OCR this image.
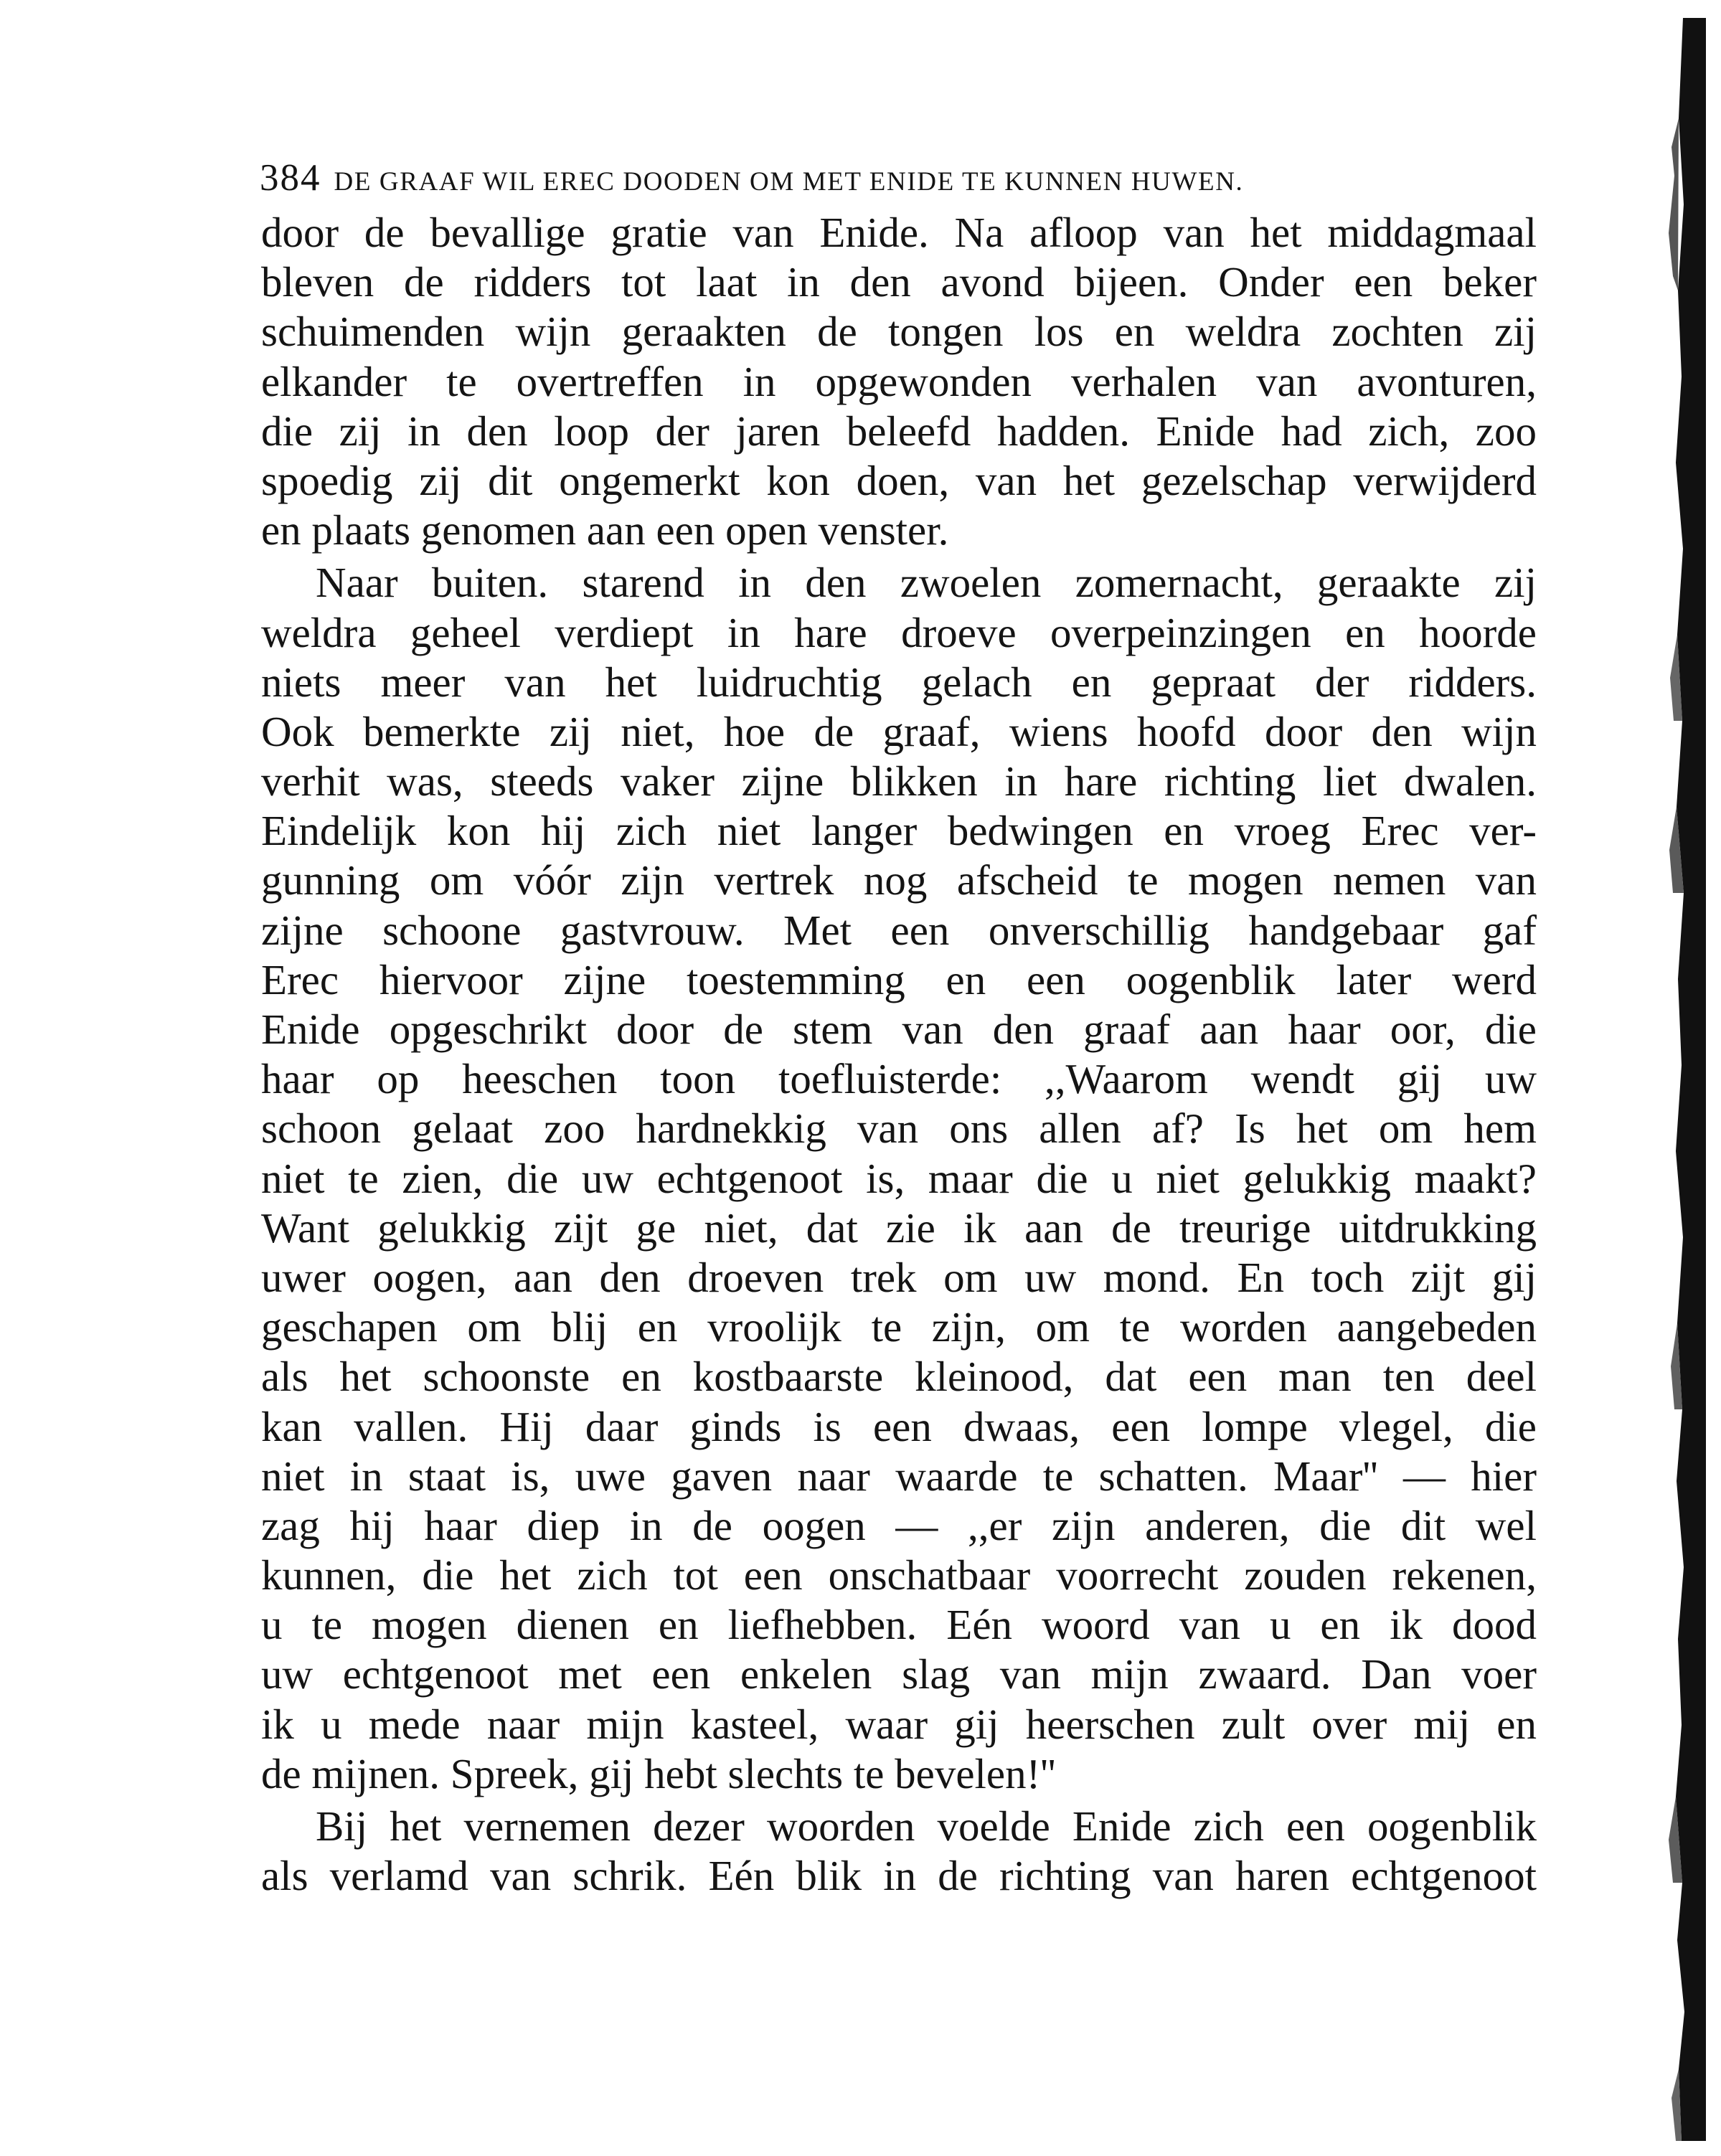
384 DE GRAAF WIL EREC DOODEN OM MET ENIDE TE KUNNEN HUWEN.
door de bevallige gratie van Enide. Na afloop van het middagmaal
bleven de ridders tot laat in den avond bijeen. Onder een beker
schuimenden wijn geraakten de tongen los en weldra zochten zij
elkander te overtreffen in opgewonden verhalen van avonturen,
die zij in den loop der jaren beleefd hadden. Enide had zich, zoo
spoedig zij dit ongemerkt kon doen, van het gezelschap verwijderd
en plaats genomen aan een open venster.
Naar buiten. starend in den zwoelen zomernacht, geraakte zij
weldra geheel verdiept in hare droeve overpeinzingen en hoorde
niets meer van het luidruchtig gelach en gepraat der ridders.
Ook bemerkte zij niet, hoe de graaf, wiens hoofd door den wijn
verhit was, steeds vaker zijne blikken in hare richting liet dwalen.
Eindelijk kon hij zich niet langer bedwingen en vroeg Erec ver-
gunning om vóór zijn vertrek nog afscheid te mogen nemen van
zijne schoone gastvrouw. Met een onverschillig handgebaar gaf
Erec hiervoor zijne toestemming en een oogenblik later werd
Enide opgeschrikt door de stem van den graaf aan haar oor, die
haar op heeschen toon toefluisterde: ,,Waarom wendt gij uw
schoon gelaat zoo hardnekkig van ons allen af? Is het om hem
niet te zien, die uw echtgenoot is, maar die u niet gelukkig maakt?
Want gelukkig zijt ge niet, dat zie ik aan de treurige uitdrukking
uwer oogen, aan den droeven trek om uw mond. En toch zijt gij
geschapen om blij en vroolijk te zijn, om te worden aangebeden
als het schoonste en kostbaarste kleinood, dat een man ten deel
kan vallen. Hij daar ginds is een dwaas, een lompe vlegel, die
niet in staat is, uwe gaven naar waarde te schatten. Maar'' — hier
zag hij haar diep in de oogen — ,,er zijn anderen, die dit wel
kunnen, die het zich tot een onschatbaar voorrecht zouden rekenen,
u te mogen dienen en liefhebben. Eén woord van u en ik dood
uw echtgenoot met een enkelen slag van mijn zwaard. Dan voer
ik u mede naar mijn kasteel, waar gij heerschen zult over mij en
de mijnen. Spreek, gij hebt slechts te bevelen!''
Bij het vernemen dezer woorden voelde Enide zich een oogenblik
als verlamd van schrik. Eén blik in de richting van haren echtgenoot
